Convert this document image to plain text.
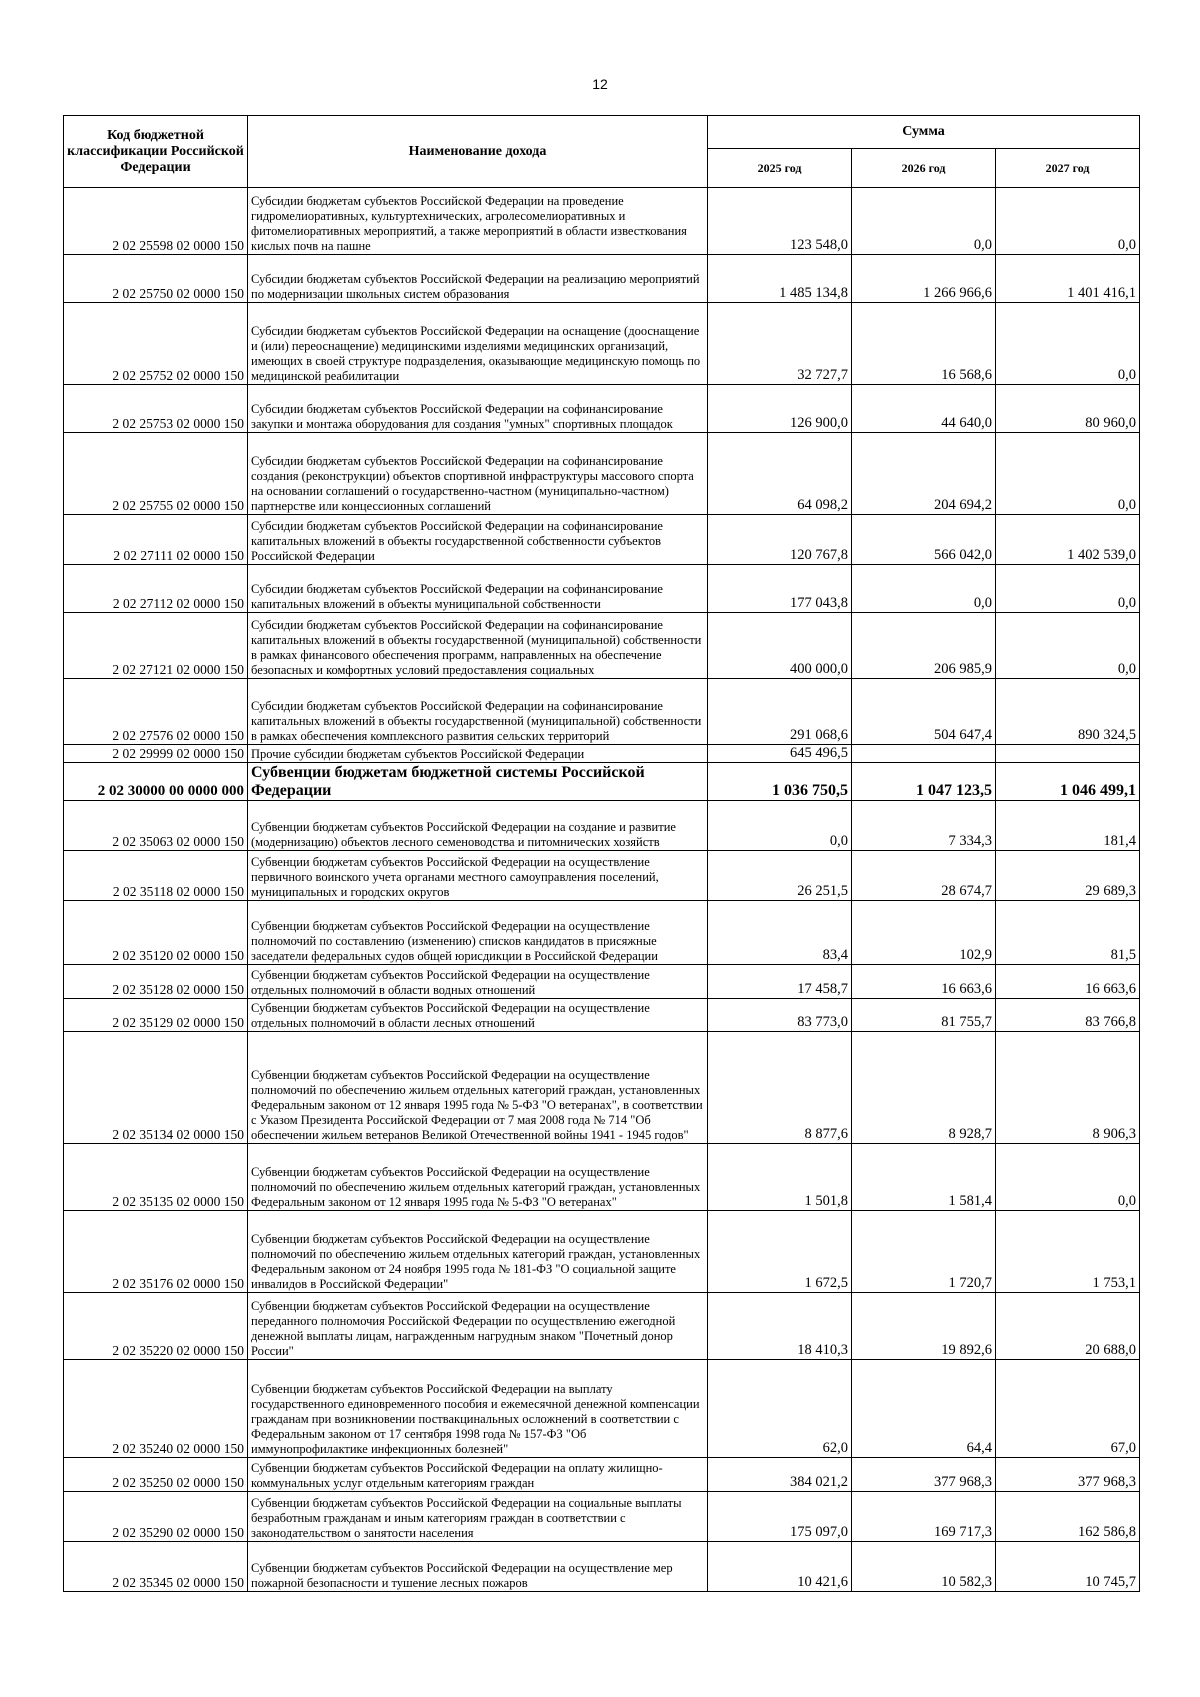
12
Код бюджетной классификации Российской Федерации	Наименование дохода	Сумма		
		2025 год	2026 год	2027 год
2 02 25598 02 0000 150	Субсидии бюджетам субъектов Российской Федерации на проведение гидромелиоративных, культуртехнических, агролесомелиоративных и фитомелиоративных мероприятий, а также мероприятий в области известкования кислых почв на пашне	123 548,0	0,0	0,0
2 02 25750 02 0000 150	Субсидии бюджетам субъектов Российской Федерации на реализацию мероприятий по модернизации школьных систем образования	1 485 134,8	1 266 966,6	1 401 416,1
2 02 25752 02 0000 150	Субсидии бюджетам субъектов Российской Федерации на оснащение (дооснащение и (или) переоснащение) медицинскими изделиями медицинских организаций, имеющих в своей структуре подразделения, оказывающие медицинскую помощь по медицинской реабилитации	32 727,7	16 568,6	0,0
2 02 25753 02 0000 150	Субсидии бюджетам субъектов Российской Федерации на софинансирование закупки и монтажа оборудования для создания "умных" спортивных площадок	126 900,0	44 640,0	80 960,0
2 02 25755 02 0000 150	Субсидии бюджетам субъектов Российской Федерации на софинансирование создания (реконструкции) объектов спортивной инфраструктуры массового спорта на основании соглашений о государственно-частном (муниципально-частном) партнерстве или концессионных соглашений	64 098,2	204 694,2	0,0
2 02 27111 02 0000 150	Субсидии бюджетам субъектов Российской Федерации на софинансирование капитальных вложений в объекты государственной собственности субъектов Российской Федерации	120 767,8	566 042,0	1 402 539,0
2 02 27112 02 0000 150	Субсидии бюджетам субъектов Российской Федерации на софинансирование капитальных вложений в объекты муниципальной собственности	177 043,8	0,0	0,0
2 02 27121 02 0000 150	Субсидии бюджетам субъектов Российской Федерации на софинансирование капитальных вложений в объекты государственной (муниципальной) собственности в рамках финансового обеспечения программ, направленных на обеспечение безопасных и комфортных условий предоставления социальных	400 000,0	206 985,9	0,0
2 02 27576 02 0000 150	Субсидии бюджетам субъектов Российской Федерации на софинансирование капитальных вложений в объекты государственной (муниципальной) собственности в рамках обеспечения комплексного развития сельских территорий	291 068,6	504 647,4	890 324,5
2 02 29999 02 0000 150	Прочие субсидии бюджетам субъектов Российской Федерации	645 496,5		
2 02 30000 00 0000 000	Субвенции бюджетам бюджетной системы Российской Федерации	1 036 750,5	1 047 123,5	1 046 499,1
2 02 35063 02 0000 150	Субвенции бюджетам субъектов Российской Федерации на создание и развитие (модернизацию) объектов лесного семеноводства и питомнических хозяйств	0,0	7 334,3	181,4
2 02 35118 02 0000 150	Субвенции бюджетам субъектов Российской Федерации на осуществление первичного воинского учета органами местного самоуправления поселений, муниципальных и городских округов	26 251,5	28 674,7	29 689,3
2 02 35120 02 0000 150	Субвенции бюджетам субъектов Российской Федерации на осуществление полномочий по составлению (изменению) списков кандидатов в присяжные заседатели федеральных судов общей юрисдикции в Российской Федерации	83,4	102,9	81,5
2 02 35128 02 0000 150	Субвенции бюджетам субъектов Российской Федерации на осуществление отдельных полномочий в области водных отношений	17 458,7	16 663,6	16 663,6
2 02 35129 02 0000 150	Субвенции бюджетам субъектов Российской Федерации на осуществление отдельных полномочий в области лесных отношений	83 773,0	81 755,7	83 766,8
2 02 35134 02 0000 150	Субвенции бюджетам субъектов Российской Федерации на осуществление полномочий по обеспечению жильем отдельных категорий граждан, установленных Федеральным законом от 12 января 1995 года № 5-ФЗ "О ветеранах", в соответствии с Указом Президента Российской Федерации от 7 мая 2008 года № 714 "Об обеспечении жильем ветеранов Великой Отечественной войны 1941 - 1945 годов"	8 877,6	8 928,7	8 906,3
2 02 35135 02 0000 150	Субвенции бюджетам субъектов Российской Федерации на осуществление полномочий по обеспечению жильем отдельных категорий граждан, установленных Федеральным законом от 12 января 1995 года № 5-ФЗ "О ветеранах"	1 501,8	1 581,4	0,0
2 02 35176 02 0000 150	Субвенции бюджетам субъектов Российской Федерации на осуществление полномочий по обеспечению жильем отдельных категорий граждан, установленных Федеральным законом от 24 ноября 1995 года № 181-ФЗ "О социальной защите инвалидов в Российской Федерации"	1 672,5	1 720,7	1 753,1
2 02 35220 02 0000 150	Субвенции бюджетам субъектов Российской Федерации на осуществление переданного полномочия Российской Федерации по осуществлению ежегодной денежной выплаты лицам, награжденным нагрудным знаком "Почетный донор России"	18 410,3	19 892,6	20 688,0
2 02 35240 02 0000 150	Субвенции бюджетам субъектов Российской Федерации на выплату государственного единовременного пособия и ежемесячной денежной компенсации гражданам при возникновении поствакцинальных осложнений в соответствии с Федеральным законом от 17 сентября 1998 года № 157-ФЗ "Об иммунопрофилактике инфекционных болезней"	62,0	64,4	67,0
2 02 35250 02 0000 150	Субвенции бюджетам субъектов Российской Федерации на оплату жилищно-коммунальных услуг отдельным категориям граждан	384 021,2	377 968,3	377 968,3
2 02 35290 02 0000 150	Субвенции бюджетам субъектов Российской Федерации на социальные выплаты безработным гражданам и иным категориям граждан в соответствии с законодательством о занятости населения	175 097,0	169 717,3	162 586,8
2 02 35345 02 0000 150	Субвенции бюджетам субъектов Российской Федерации на осуществление мер пожарной безопасности и тушение лесных пожаров	10 421,6	10 582,3	10 745,7
